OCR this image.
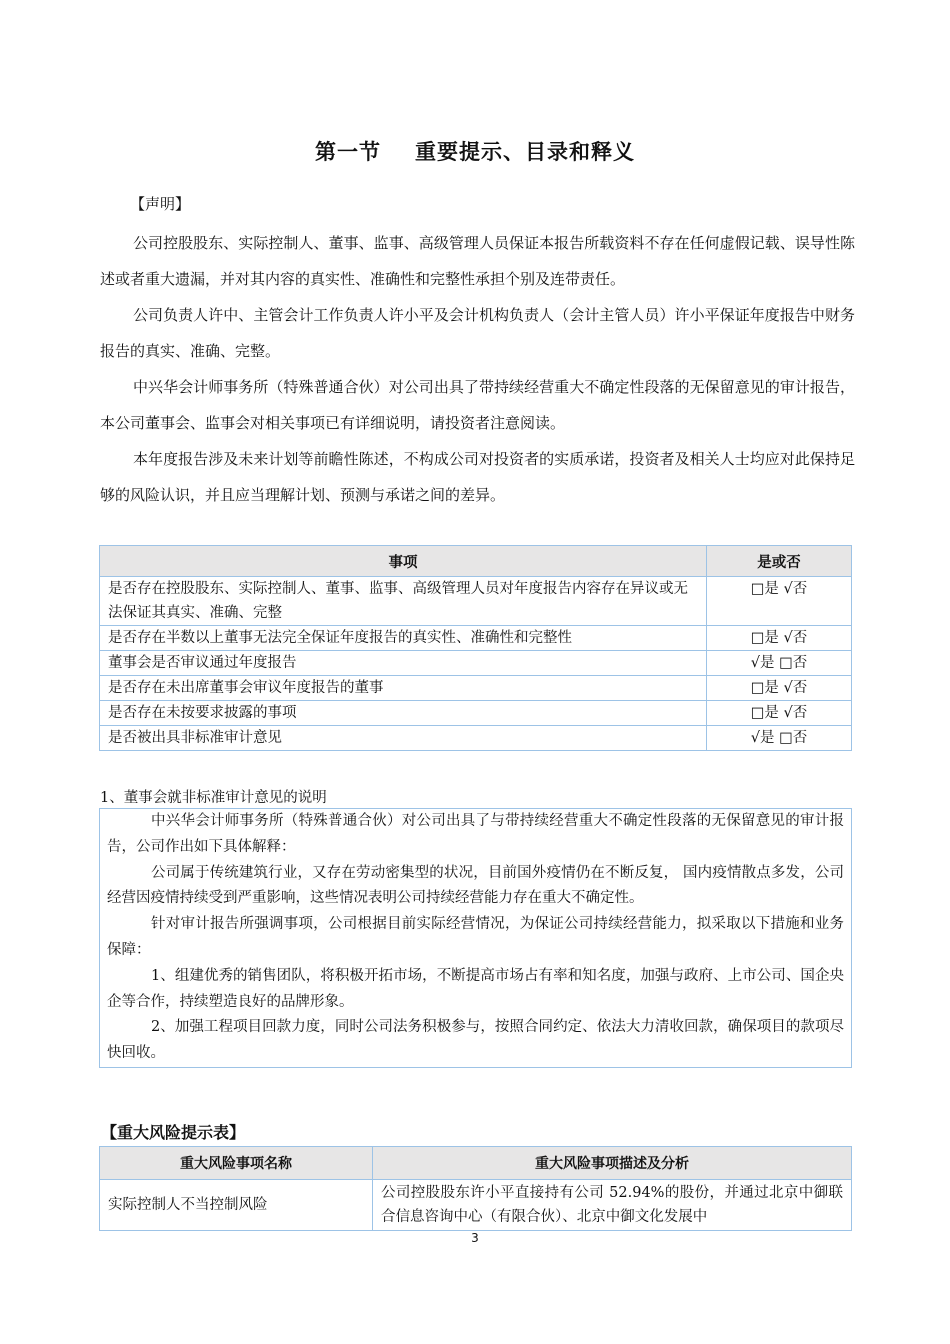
第一节 重要提示、目录和释义
【声明】
公司控股股东、实际控制人、董事、监事、高级管理人员保证本报告所载资料不存在任何虚假记载、误导性陈述或者重大遗漏，并对其内容的真实性、准确性和完整性承担个别及连带责任。
公司负责人许中、主管会计工作负责人许小平及会计机构负责人（会计主管人员）许小平保证年度报告中财务报告的真实、准确、完整。
中兴华会计师事务所（特殊普通合伙）对公司出具了带持续经营重大不确定性段落的无保留意见的审计报告，本公司董事会、监事会对相关事项已有详细说明，请投资者注意阅读。
本年度报告涉及未来计划等前瞻性陈述，不构成公司对投资者的实质承诺，投资者及相关人士均应对此保持足够的风险认识，并且应当理解计划、预测与承诺之间的差异。
事项	是或否
是否存在控股股东、实际控制人、董事、监事、高级管理人员对年度报告内容存在异议或无法保证其真实、准确、完整	□是 √否
是否存在半数以上董事无法完全保证年度报告的真实性、准确性和完整性	□是 √否
董事会是否审议通过年度报告	√是 □否
是否存在未出席董事会审议年度报告的董事	□是 √否
是否存在未按要求披露的事项	□是 √否
是否被出具非标准审计意见	√是 □否
1、董事会就非标准审计意见的说明

中兴华会计师事务所（特殊普通合伙）对公司出具了与带持续经营重大不确定性段落的无保留意见的审计报告，公司作出如下具体解释：

公司属于传统建筑行业，又存在劳动密集型的状况，目前国外疫情仍在不断反复， 国内疫情散点多发，公司经营因疫情持续受到严重影响，这些情况表明公司持续经营能力存在重大不确定性。

针对审计报告所强调事项，公司根据目前实际经营情况，为保证公司持续经营能力，拟采取以下措施和业务保障：

1、组建优秀的销售团队，将积极开拓市场，不断提高市场占有率和知名度，加强与政府、上市公司、国企央企等合作，持续塑造良好的品牌形象。

2、加强工程项目回款力度，同时公司法务积极参与，按照合同约定、依法大力清收回款，确保项目的款项尽快回收。

【重大风险提示表】
重大风险事项名称	重大风险事项描述及分析
实际控制人不当控制风险	公司控股股东许小平直接持有公司 52.94%的股份，并通过北京中御联合信息咨询中心（有限合伙）、北京中御文化发展中
3
